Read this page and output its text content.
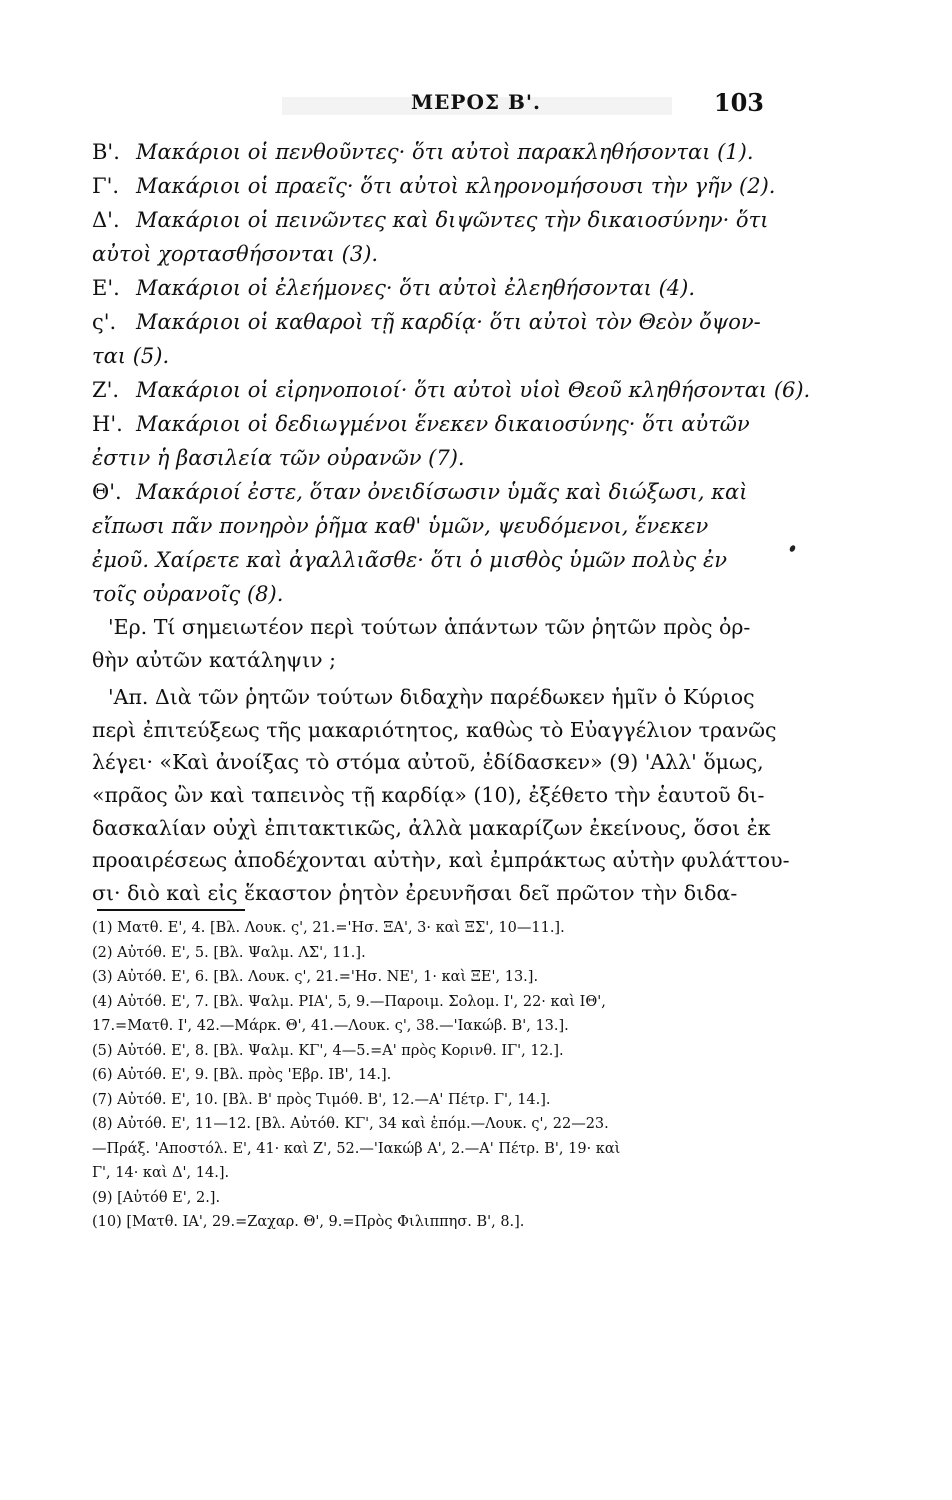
ΜΕΡΟΣ Β'.	103

Β'. Μακάριοι οἱ πενθοῦντες· ὅτι αὐτοὶ παρακληθήσονται (1).

Γ'. Μακάριοι οἱ πραεῖς· ὅτι αὐτοὶ κληρονομήσουσι τὴν γῆν (2).

Δ'. Μακάριοι οἱ πεινῶντες καὶ διψῶντες τὴν δικαιοσύνην· ὅτι
αὐτοὶ χορτασθήσονται (3).

Ε'. Μακάριοι οἱ ἐλεήμονες· ὅτι αὐτοὶ ἐλεηθήσονται (4).

ς'. Μακάριοι οἱ καθαροὶ τῇ καρδίᾳ· ὅτι αὐτοὶ τὸν Θεὸν ὄψον-
ται (5).

Ζ'. Μακάριοι οἱ εἰρηνοποιοί· ὅτι αὐτοὶ υἱοὶ Θεοῦ κληθήσονται (6).

Η'. Μακάριοι οἱ δεδιωγμένοι ἕνεκεν δικαιοσύνης· ὅτι αὐτῶν
ἐστιν ἡ βασιλεία τῶν οὐρανῶν (7).

Θ'. Μακάριοί ἐστε, ὅταν ὀνειδίσωσιν ὑμᾶς καὶ διώξωσι, καὶ
εἴπωσι πᾶν πονηρὸν ῥῆμα καθ' ὑμῶν, ψευδόμενοι, ἕνεκεν
ἐμοῦ. Χαίρετε καὶ ἀγαλλιᾶσθε· ὅτι ὁ μισθὸς ὑμῶν πολὺς ἐν
τοῖς οὐρανοῖς (8).

'Ερ. Τί σημειωτέον περὶ τούτων ἁπάντων τῶν ῥητῶν πρὸς ὀρ-
θὴν αὐτῶν κατάληψιν ;
'Απ. Διὰ τῶν ῥητῶν τούτων διδαχὴν παρέδωκεν ἡμῖν ὁ Κύριος
περὶ ἐπιτεύξεως τῆς μακαριότητος, καθὼς τὸ Εὐαγγέλιον τρανῶς
λέγει· «Καὶ ἀνοίξας τὸ στόμα αὐτοῦ, ἐδίδασκεν» (9) 'Αλλ' ὅμως,
«πρᾶος ὢν καὶ ταπεινὸς τῇ καρδίᾳ» (10), ἐξέθετο τὴν ἑαυτοῦ δι-
δασκαλίαν οὐχὶ ἐπιτακτικῶς, ἀλλὰ μακαρίζων ἐκείνους, ὅσοι ἐκ
προαιρέσεως ἀποδέχονται αὐτὴν, καὶ ἐμπράκτως αὐτὴν φυλάττου-
σι· διὸ καὶ εἰς ἕκαστον ῥητὸν ἐρευνῆσαι δεῖ πρῶτον τὴν διδα-

(1) Ματθ. Ε', 4. [Βλ. Λουκ. ς', 21.='Ησ. ΞΑ', 3· καὶ ΞΣ', 10—11.].

(2) Αὐτόθ. Ε', 5. [Βλ. Ψαλμ. ΛΣ', 11.].

(3) Αὐτόθ. Ε', 6. [Βλ. Λουκ. ς', 21.='Ησ. ΝΕ', 1· καὶ ΞΕ', 13.].

(4) Αὐτόθ. Ε', 7. [Βλ. Ψαλμ. ΡΙΑ', 5, 9.—Παροιμ. Σολομ. Ι', 22· καὶ ΙΘ',
17.=Ματθ. Ι', 42.—Μάρκ. Θ', 41.—Λουκ. ς', 38.—'Ιακώβ. Β', 13.].

(5) Αὐτόθ. Ε', 8. [Βλ. Ψαλμ. ΚΓ', 4—5.=Α' πρὸς Κορινθ. ΙΓ', 12.].

(6) Αὐτόθ. Ε', 9. [Βλ. πρὸς 'Εβρ. ΙΒ', 14.].

(7) Αὐτόθ. Ε', 10. [Βλ. Β' πρὸς Τιμόθ. Β', 12.—Α' Πέτρ. Γ', 14.].

(8) Αὐτόθ. Ε', 11—12. [Βλ. Αὐτόθ. ΚΓ', 34 καὶ ἑπόμ.—Λουκ. ς', 22—23.
—Πράξ. 'Αποστόλ. Ε', 41· καὶ Ζ', 52.—'Ιακώβ Α', 2.—Α' Πέτρ. Β', 19· καὶ
Γ', 14· καὶ Δ', 14.].

(9) [Αὐτόθ Ε', 2.].

(10) [Ματθ. ΙΑ', 29.=Ζαχαρ. Θ', 9.=Πρὸς Φιλιππησ. Β', 8.].
